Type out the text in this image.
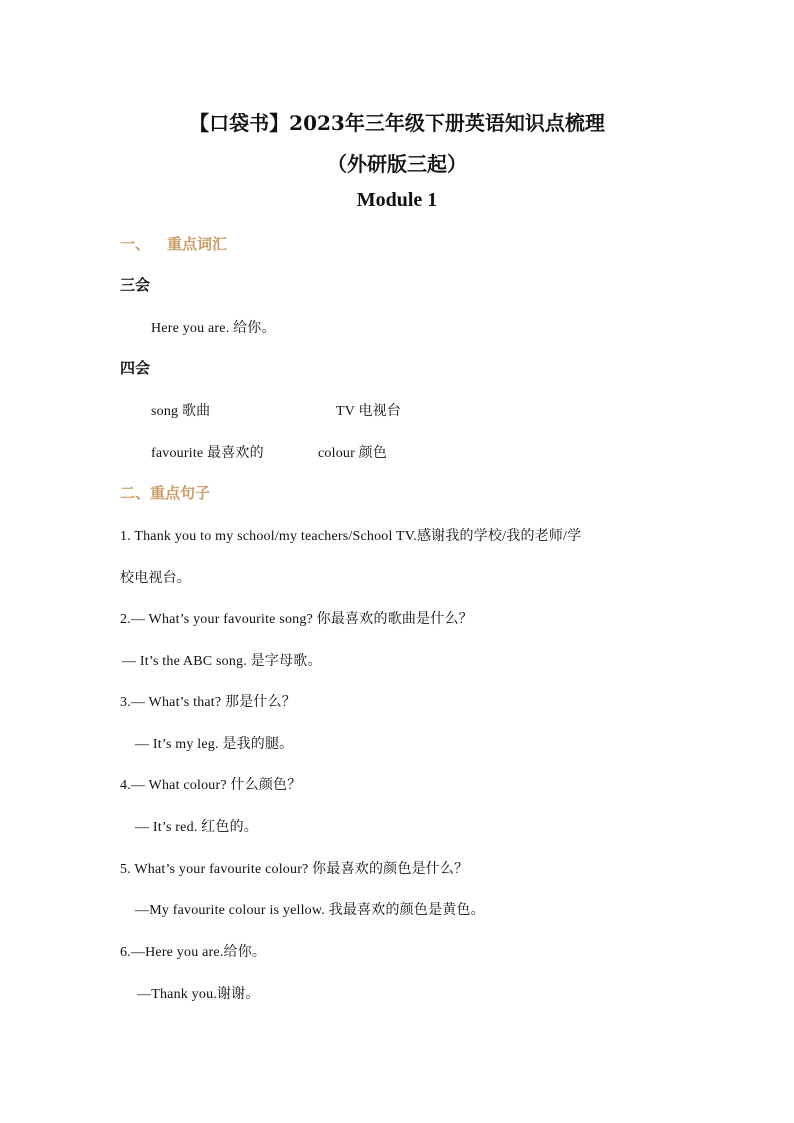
【口袋书】2023年三年级下册英语知识点梳理
（外研版三起）
Module 1
一、 重点词汇
三会
Here you are. 给你。
四会
song 歌曲	TV 电视台
favourite 最喜欢的	colour 颜色
二、重点句子
1. Thank you to my school/my teachers/School TV.感谢我的学校/我的老师/学
校电视台。
2.— What’s your favourite song? 你最喜欢的歌曲是什么？
— It’s the ABC song. 是字母歌。
3.— What’s that? 那是什么？
— It’s my leg. 是我的腿。
4.— What colour? 什么颜色？
— It’s red. 红色的。
5. What’s your favourite colour? 你最喜欢的颜色是什么？
—My favourite colour is yellow. 我最喜欢的颜色是黄色。
6.—Here you are.给你。
—Thank you.谢谢。
